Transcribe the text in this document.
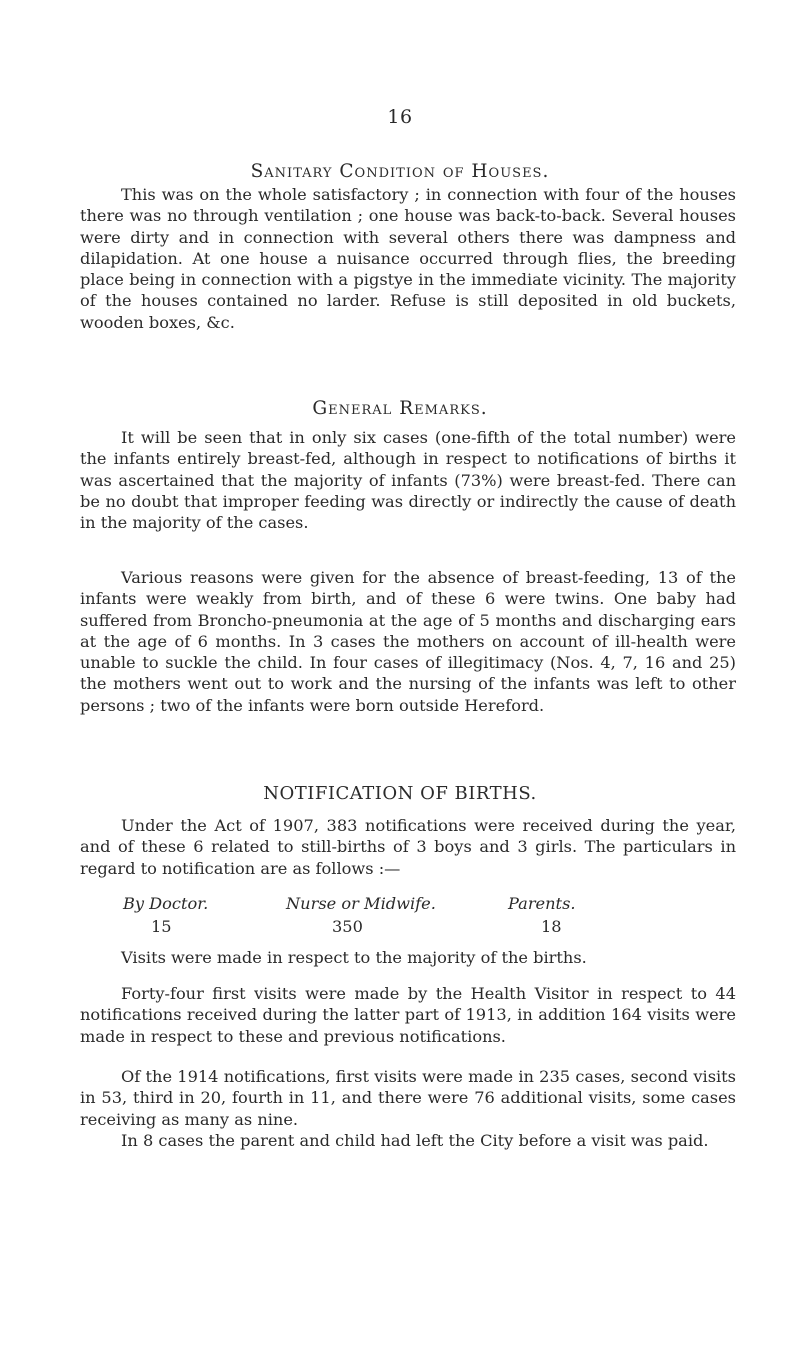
16
Sanitary Condition of Houses.

This was on the whole satisfactory ; in connection with four of the houses there was no through ventilation ; one house was back-to-back. Several houses were dirty and in connection with several others there was dampness and dilapidation. At one house a nuisance occurred through flies, the breeding place being in connection with a pigstye in the immediate vicinity. The majority of the houses contained no larder. Refuse is still deposited in old buckets, wooden boxes, &c.

General Remarks.

It will be seen that in only six cases (one-fifth of the total number) were the infants entirely breast-fed, although in respect to notifications of births it was ascertained that the majority of infants (73%) were breast-fed. There can be no doubt that improper feeding was directly or indirectly the cause of death in the majority of the cases.

Various reasons were given for the absence of breast-feeding, 13 of the infants were weakly from birth, and of these 6 were twins. One baby had suffered from Broncho-pneumonia at the age of 5 months and discharging ears at the age of 6 months. In 3 cases the mothers on account of ill-health were unable to suckle the child. In four cases of illegitimacy (Nos. 4, 7, 16 and 25) the mothers went out to work and the nursing of the infants was left to other persons ; two of the infants were born outside Hereford.

NOTIFICATION OF BIRTHS.

Under the Act of 1907, 383 notifications were received during the year, and of these 6 related to still-births of 3 boys and 3 girls. The particulars in regard to notification are as follows :—

By Doctor.	Nurse or Midwife.	Parents.
15	350	18

Visits were made in respect to the majority of the births.

Forty-four first visits were made by the Health Visitor in respect to 44 notifications received during the latter part of 1913, in addition 164 visits were made in respect to these and previous notifications.

Of the 1914 notifications, first visits were made in 235 cases, second visits in 53, third in 20, fourth in 11, and there were 76 additional visits, some cases receiving as many as nine.

In 8 cases the parent and child had left the City before a visit was paid.
